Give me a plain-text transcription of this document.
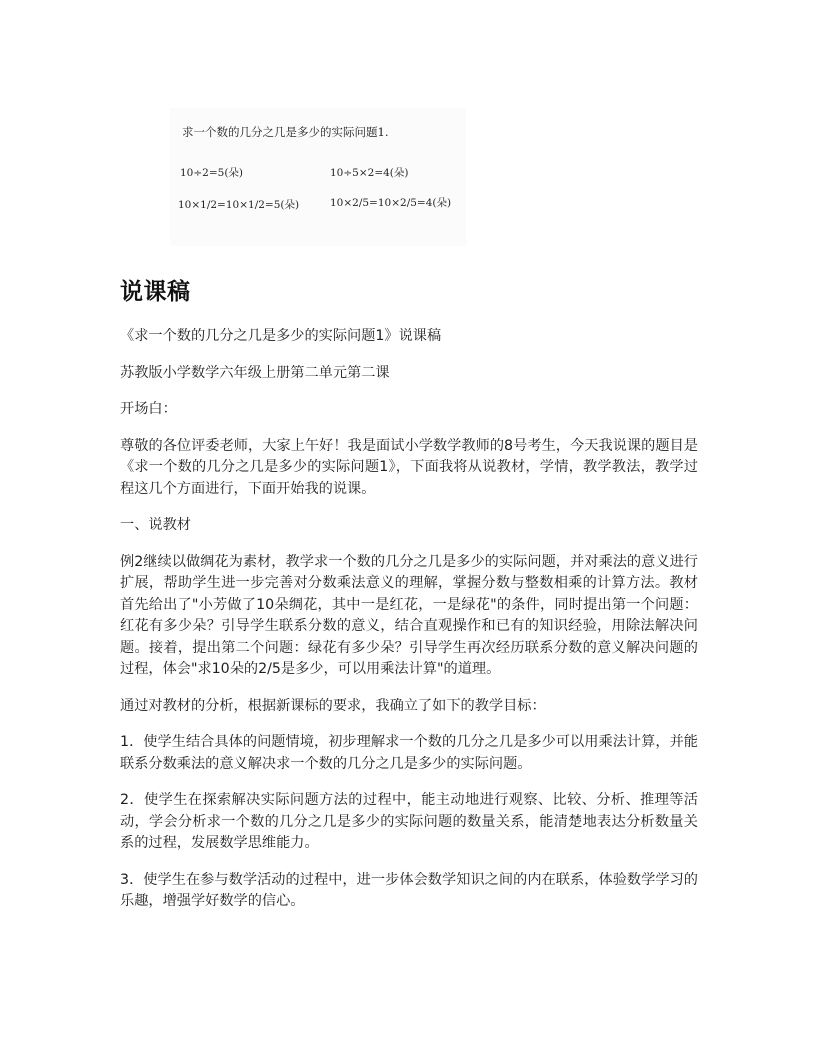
求一个数的几分之几是多少的实际问题1.
10÷2=5(朵)	10÷5×2=4(朵)
10×1/2=10×1/2=5(朵)	10×2/5=10×2/5=4(朵)
说课稿

《求一个数的几分之几是多少的实际问题1》说课稿

苏教版小学数学六年级上册第二单元第二课

开场白：

尊敬的各位评委老师，大家上午好！我是面试小学数学教师的8号考生，今天我说课的题目是《求一个数的几分之几是多少的实际问题1》，下面我将从说教材，学情，教学教法，教学过程这几个方面进行，下面开始我的说课。

一、说教材

例2继续以做绸花为素材，教学求一个数的几分之几是多少的实际问题，并对乘法的意义进行扩展，帮助学生进一步完善对分数乘法意义的理解，掌握分数与整数相乘的计算方法。教材首先给出了"小芳做了10朵绸花，其中一是红花，一是绿花"的条件，同时提出第一个问题：红花有多少朵？引导学生联系分数的意义，结合直观操作和已有的知识经验，用除法解决问题。接着，提出第二个问题：绿花有多少朵？引导学生再次经历联系分数的意义解决问题的过程，体会"求10朵的2/5是多少，可以用乘法计算"的道理。

通过对教材的分析，根据新课标的要求，我确立了如下的教学目标：

1．使学生结合具体的问题情境，初步理解求一个数的几分之几是多少可以用乘法计算，并能联系分数乘法的意义解决求一个数的几分之几是多少的实际问题。

2．使学生在探索解决实际问题方法的过程中，能主动地进行观察、比较、分析、推理等活动，学会分析求一个数的几分之几是多少的实际问题的数量关系，能清楚地表达分析数量关系的过程，发展数学思维能力。

3．使学生在参与数学活动的过程中，进一步体会数学知识之间的内在联系，体验数学学习的乐趣，增强学好数学的信心。
